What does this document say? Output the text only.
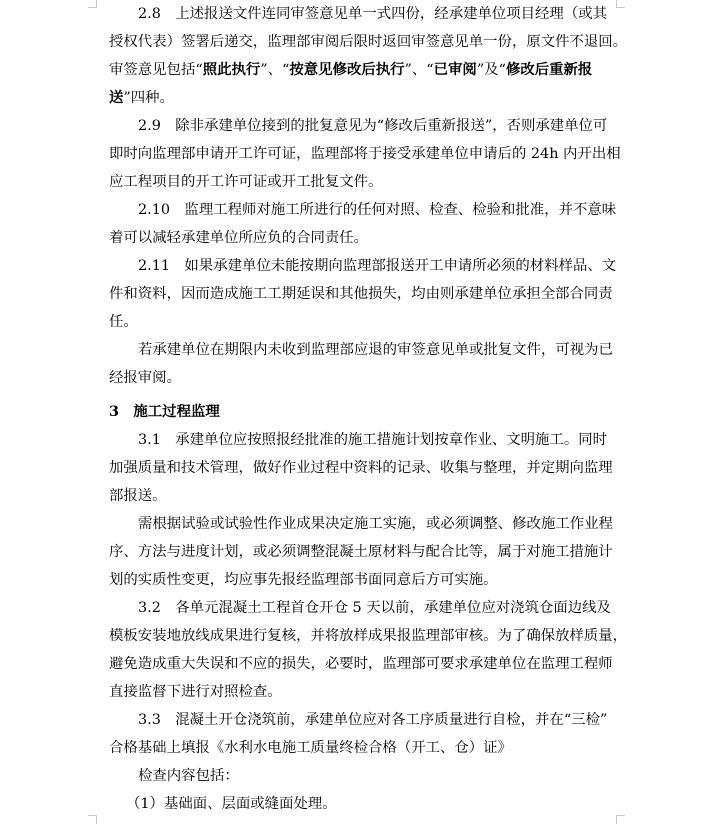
2.8　上述报送文件连同审签意见单一式四份，经承建单位项目经理（或其
授权代表）签署后递交，监理部审阅后限时返回审签意见单一份，原文件不退回。
审签意见包括“照此执行”、“按意见修改后执行”、“已审阅”及“修改后重新报
送”四种。
2.9　除非承建单位接到的批复意见为“修改后重新报送”，否则承建单位可
即时向监理部申请开工许可证，监理部将于接受承建单位申请后的 24h 内开出相
应工程项目的开工许可证或开工批复文件。
2.10　监理工程师对施工所进行的任何对照、检查、检验和批准，并不意味
着可以减轻承建单位所应负的合同责任。
2.11　如果承建单位未能按期向监理部报送开工申请所必须的材料样品、文
件和资料，因而造成施工工期延误和其他损失，均由则承建单位承担全部合同责
任。
若承建单位在期限内未收到监理部应退的审签意见单或批复文件，可视为已
经报审阅。
3　施工过程监理
3.1　承建单位应按照报经批准的施工措施计划按章作业、文明施工。同时
加强质量和技术管理，做好作业过程中资料的记录、收集与整理，并定期向监理
部报送。
需根据试验或试验性作业成果决定施工实施，或必须调整、修改施工作业程
序、方法与进度计划，或必须调整混凝土原材料与配合比等，属于对施工措施计
划的实质性变更，均应事先报经监理部书面同意后方可实施。
3.2　各单元混凝土工程首仓开仓 5 天以前，承建单位应对浇筑仓面边线及
模板安装地放线成果进行复核，并将放样成果报监理部审核。为了确保放样质量，
避免造成重大失误和不应的损失，必要时，监理部可要求承建单位在监理工程师
直接监督下进行对照检查。
3.3　混凝土开仓浇筑前，承建单位应对各工序质量进行自检，并在“三检”
合格基础上填报《水利水电施工质量终检合格（开工、仓）证》
检查内容包括：
（1）基础面、层面或缝面处理。
